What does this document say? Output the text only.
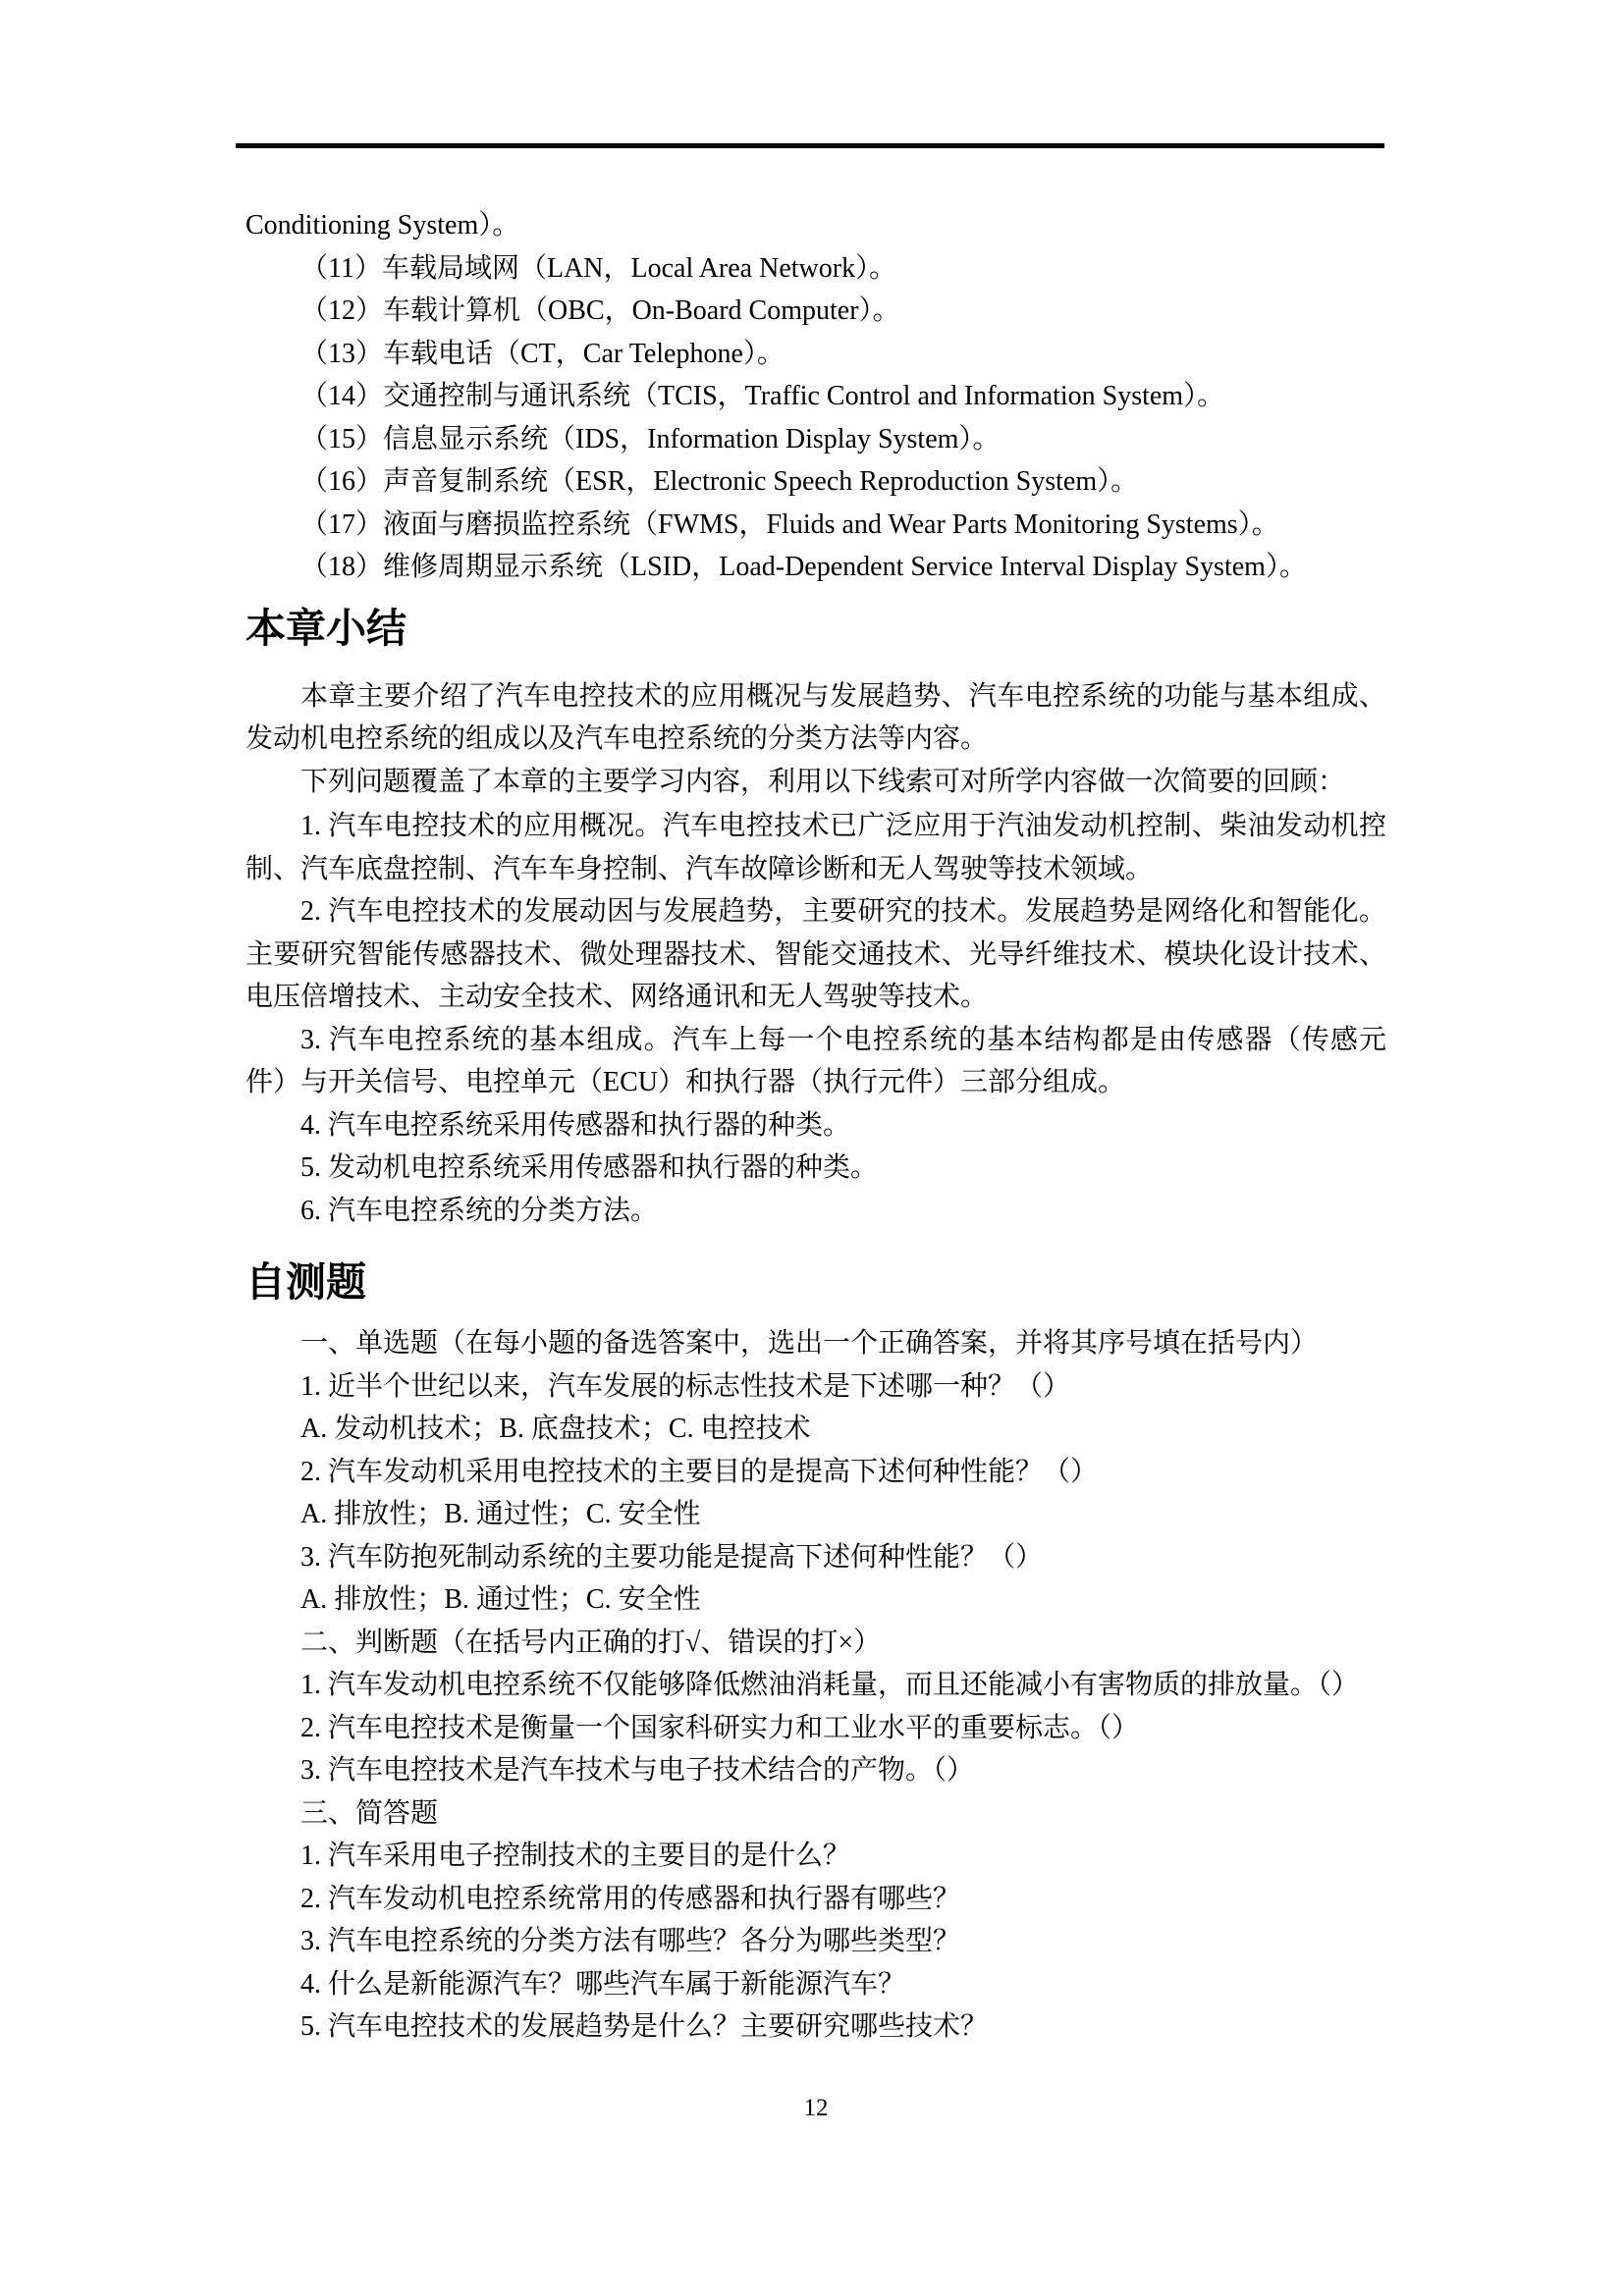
Conditioning System）。

（11）车载局域网（LAN，Local Area Network）。

（12）车载计算机（OBC，On-Board Computer）。

（13）车载电话（CT，Car Telephone）。

（14）交通控制与通讯系统（TCIS，Traffic Control and Information System）。

（15）信息显示系统（IDS，Information Display System）。

（16）声音复制系统（ESR，Electronic Speech Reproduction System）。

（17）液面与磨损监控系统（FWMS，Fluids and Wear Parts Monitoring Systems）。

（18）维修周期显示系统（LSID，Load-Dependent Service Interval Display System）。

本章小结

本章主要介绍了汽车电控技术的应用概况与发展趋势、汽车电控系统的功能与基本组成、发动机电控系统的组成以及汽车电控系统的分类方法等内容。

下列问题覆盖了本章的主要学习内容，利用以下线索可对所学内容做一次简要的回顾：

1. 汽车电控技术的应用概况。汽车电控技术已广泛应用于汽油发动机控制、柴油发动机控制、汽车底盘控制、汽车车身控制、汽车故障诊断和无人驾驶等技术领域。

2. 汽车电控技术的发展动因与发展趋势，主要研究的技术。发展趋势是网络化和智能化。主要研究智能传感器技术、微处理器技术、智能交通技术、光导纤维技术、模块化设计技术、电压倍增技术、主动安全技术、网络通讯和无人驾驶等技术。

3. 汽车电控系统的基本组成。汽车上每一个电控系统的基本结构都是由传感器（传感元件）与开关信号、电控单元（ECU）和执行器（执行元件）三部分组成。

4. 汽车电控系统采用传感器和执行器的种类。

5. 发动机电控系统采用传感器和执行器的种类。

6. 汽车电控系统的分类方法。

自测题

一、单选题（在每小题的备选答案中，选出一个正确答案，并将其序号填在括号内）

1. 近半个世纪以来，汽车发展的标志性技术是下述哪一种？（）

A. 发动机技术；B. 底盘技术；C. 电控技术

2. 汽车发动机采用电控技术的主要目的是提高下述何种性能？（）

A. 排放性；B. 通过性；C. 安全性

3. 汽车防抱死制动系统的主要功能是提高下述何种性能？（）

A. 排放性；B. 通过性；C. 安全性

二、判断题（在括号内正确的打√、错误的打×）

1. 汽车发动机电控系统不仅能够降低燃油消耗量，而且还能减小有害物质的排放量。（）

2. 汽车电控技术是衡量一个国家科研实力和工业水平的重要标志。（）

3. 汽车电控技术是汽车技术与电子技术结合的产物。（）

三、简答题

1. 汽车采用电子控制技术的主要目的是什么？

2. 汽车发动机电控系统常用的传感器和执行器有哪些？

3. 汽车电控系统的分类方法有哪些？各分为哪些类型？

4. 什么是新能源汽车？哪些汽车属于新能源汽车？

5. 汽车电控技术的发展趋势是什么？主要研究哪些技术？

12
